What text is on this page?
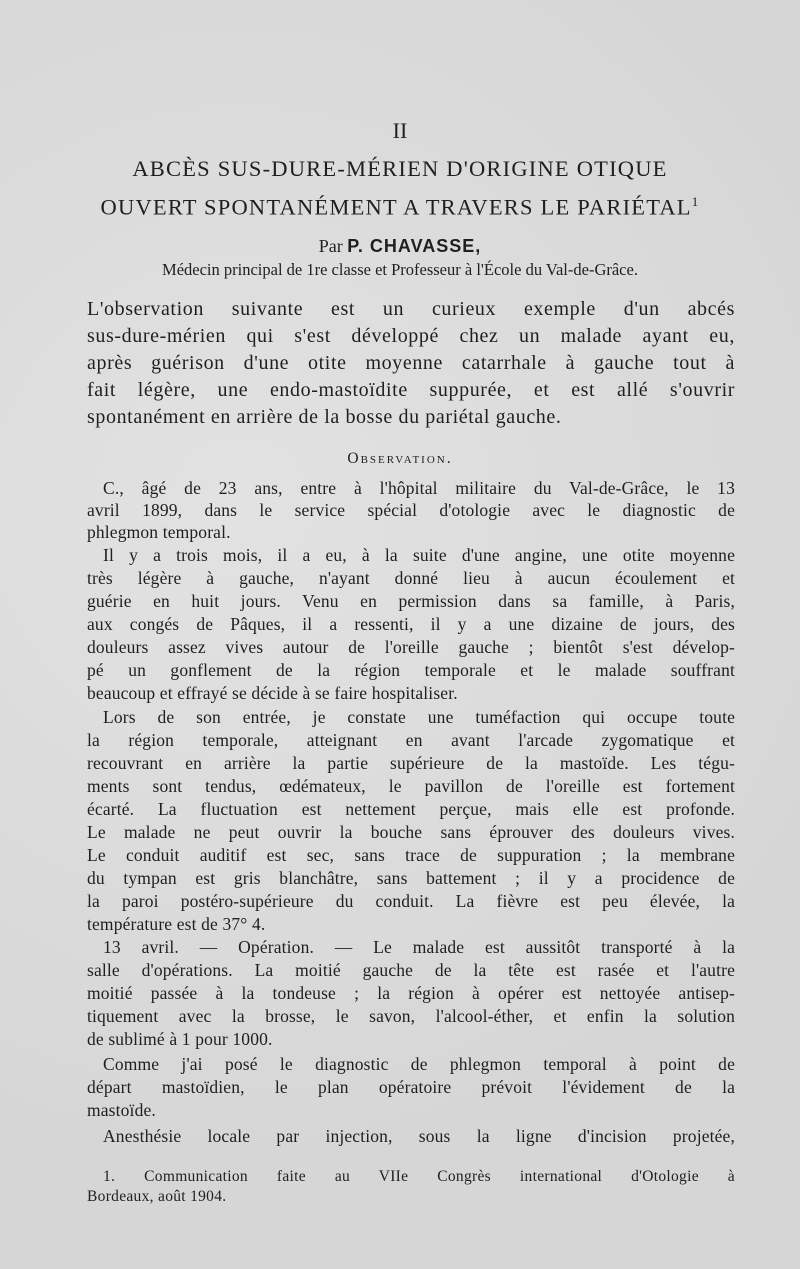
II
ABCÈS SUS-DURE-MÉRIEN D'ORIGINE OTIQUE
OUVERT SPONTANÉMENT A TRAVERS LE PARIÉTAL$^1$
Par P. CHAVASSE,
Médecin principal de 1re classe et Professeur à l'École du Val-de-Grâce.
L'observation suivante est un curieux exemple d'un abcés
sus-dure-mérien qui s'est développé chez un malade ayant eu,
après guérison d'une otite moyenne catarrhale à gauche tout à
fait légère, une endo-mastoïdite suppurée, et est allé s'ouvrir
spontanément en arrière de la bosse du pariétal gauche.
Observation.
C., âgé de 23 ans, entre à l'hôpital militaire du Val-de-Grâce, le 13
avril 1899, dans le service spécial d'otologie avec le diagnostic de
phlegmon temporal.
Il y a trois mois, il a eu, à la suite d'une angine, une otite moyenne
très légère à gauche, n'ayant donné lieu à aucun écoulement et
guérie en huit jours. Venu en permission dans sa famille, à Paris,
aux congés de Pâques, il a ressenti, il y a une dizaine de jours, des
douleurs assez vives autour de l'oreille gauche ; bientôt s'est dévelop-
pé un gonflement de la région temporale et le malade souffrant
beaucoup et effrayé se décide à se faire hospitaliser.
Lors de son entrée, je constate une tuméfaction qui occupe toute
la région temporale, atteignant en avant l'arcade zygomatique et
recouvrant en arrière la partie supérieure de la mastoïde. Les tégu-
ments sont tendus, œdémateux, le pavillon de l'oreille est fortement
écarté. La fluctuation est nettement perçue, mais elle est profonde.
Le malade ne peut ouvrir la bouche sans éprouver des douleurs vives.
Le conduit auditif est sec, sans trace de suppuration ; la membrane
du tympan est gris blanchâtre, sans battement ; il y a procidence de
la paroi postéro-supérieure du conduit. La fièvre est peu élevée, la
température est de 37° 4.
13 avril. — Opération. — Le malade est aussitôt transporté à la
salle d'opérations. La moitié gauche de la tête est rasée et l'autre
moitié passée à la tondeuse ; la région à opérer est nettoyée antisep-
tiquement avec la brosse, le savon, l'alcool-éther, et enfin la solution
de sublimé à 1 pour 1000.
Comme j'ai posé le diagnostic de phlegmon temporal à point de
départ mastoïdien, le plan opératoire prévoit l'évidement de la
mastoïde.
Anesthésie locale par injection, sous la ligne d'incision projetée,
1. Communication faite au VIIe Congrès international d'Otologie à
Bordeaux, août 1904.
